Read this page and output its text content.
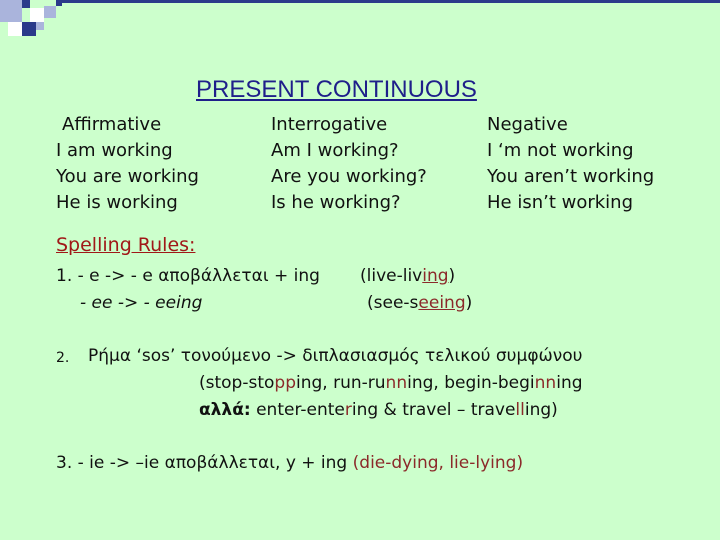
PRESENT CONTINUOUS
Affirmative
I am working
You are working
He is working
Interrogative
Am I working?
Are you working?
Is he working?
Negative
I ‘m not working
You aren’t working
He isn’t working
Spelling Rules:
1. - e -> - e αποβάλλεται + ing
- ee -> - eeing
(live-living)
(see-seeing)
2. Ρήμα ‘sos’ τονούμενο -> διπλασιασμός τελικού συμφώνου
(stop-stopping, run-running, begin-beginning
αλλά: enter-entering & travel – travelling)
3. - ie -> –ie αποβάλλεται, y + ing (die-dying, lie-lying)
